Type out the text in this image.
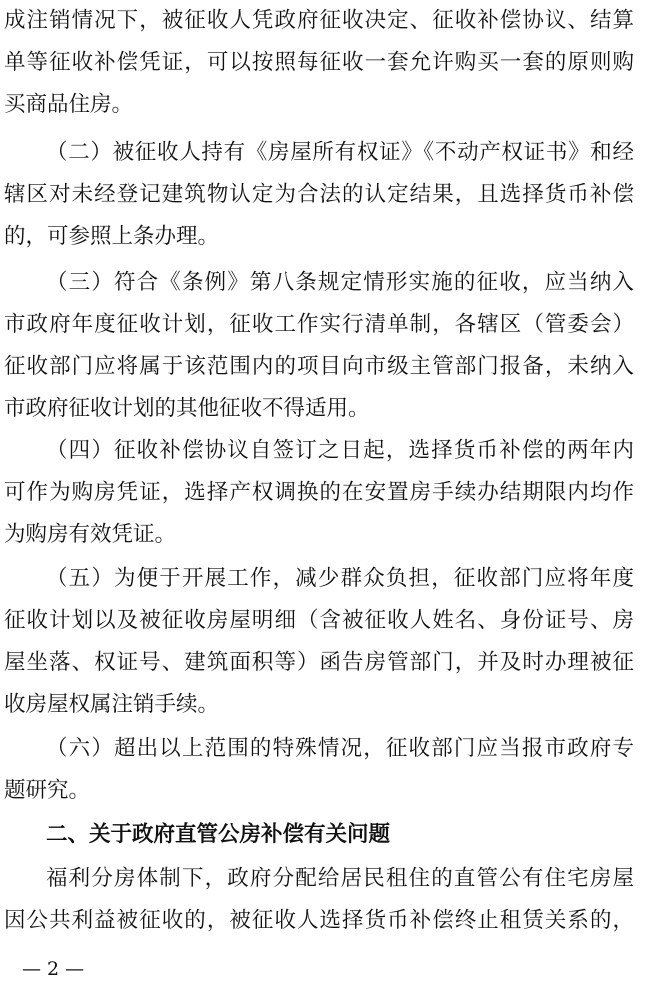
成注销情况下，被征收人凭政府征收决定、征收补偿协议、结算
单等征收补偿凭证，可以按照每征收一套允许购买一套的原则购
买商品住房。
（二）被征收人持有《房屋所有权证》《不动产权证书》和经
辖区对未经登记建筑物认定为合法的认定结果，且选择货币补偿
的，可参照上条办理。
（三）符合《条例》第八条规定情形实施的征收，应当纳入
市政府年度征收计划，征收工作实行清单制，各辖区（管委会）
征收部门应将属于该范围内的项目向市级主管部门报备，未纳入
市政府征收计划的其他征收不得适用。
（四）征收补偿协议自签订之日起，选择货币补偿的两年内
可作为购房凭证，选择产权调换的在安置房手续办结期限内均作
为购房有效凭证。
（五）为便于开展工作，减少群众负担，征收部门应将年度
征收计划以及被征收房屋明细（含被征收人姓名、身份证号、房
屋坐落、权证号、建筑面积等）函告房管部门，并及时办理被征
收房屋权属注销手续。
（六）超出以上范围的特殊情况，征收部门应当报市政府专
题研究。
二、关于政府直管公房补偿有关问题
福利分房体制下，政府分配给居民租住的直管公有住宅房屋
因公共利益被征收的，被征收人选择货币补偿终止租赁关系的，
— 2 —
